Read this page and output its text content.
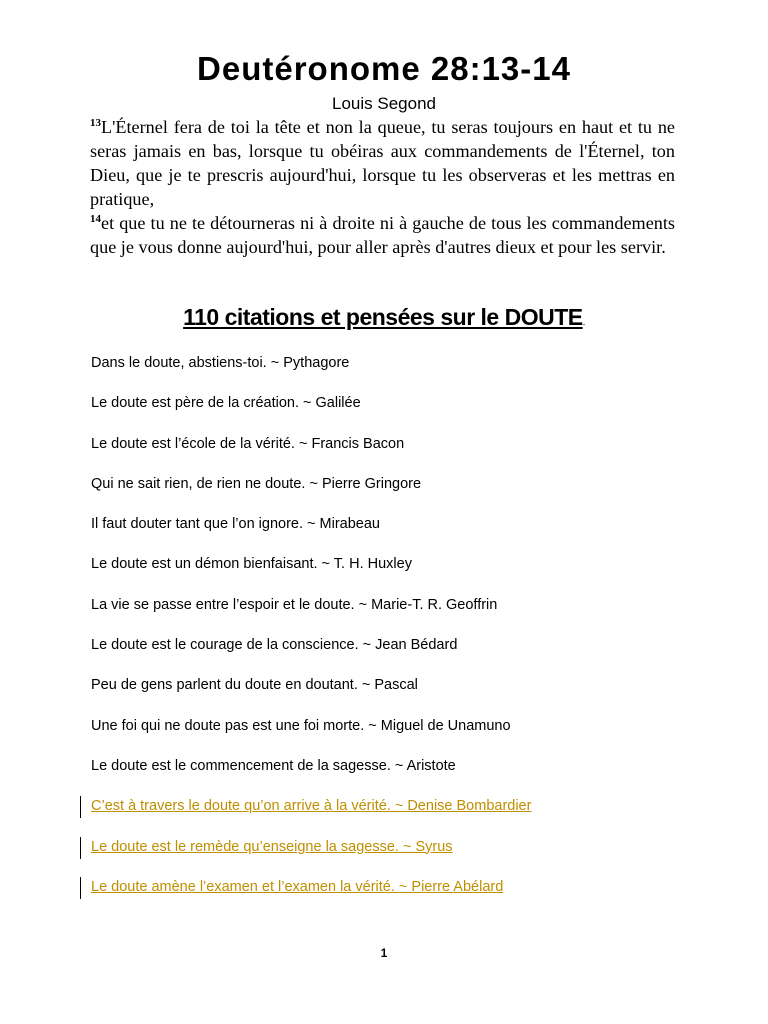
Deutéronome 28:13-14
Louis Segond

$^{13}$L'Éternel fera de toi la tête et non la queue, tu seras toujours en haut et tu ne seras jamais en bas, lorsque tu obéiras aux commandements de l'Éternel, ton Dieu, que je te prescris aujourd'hui, lorsque tu les observeras et les mettras en pratique,

$^{14}$et que tu ne te détourneras ni à droite ni à gauche de tous les commandements que je vous donne aujourd'hui, pour aller après d'autres dieux et pour les servir.

110 citations et pensées sur le DOUTE.
Dans le doute, abstiens-toi. ~ Pythagore
Le doute est père de la création. ~ Galilée
Le doute est l’école de la vérité. ~ Francis Bacon
Qui ne sait rien, de rien ne doute. ~ Pierre Gringore
Il faut douter tant que l’on ignore. ~ Mirabeau
Le doute est un démon bienfaisant. ~ T. H. Huxley
La vie se passe entre l’espoir et le doute. ~ Marie-T. R. Geoffrin
Le doute est le courage de la conscience. ~ Jean Bédard
Peu de gens parlent du doute en doutant. ~ Pascal
Une foi qui ne doute pas est une foi morte. ~ Miguel de Unamuno
Le doute est le commencement de la sagesse. ~ Aristote
C’est à travers le doute qu’on arrive à la vérité. ~ Denise Bombardier
Le doute est le remède qu’enseigne la sagesse. ~ Syrus
Le doute amène l’examen et l’examen la vérité. ~ Pierre Abélard
1
